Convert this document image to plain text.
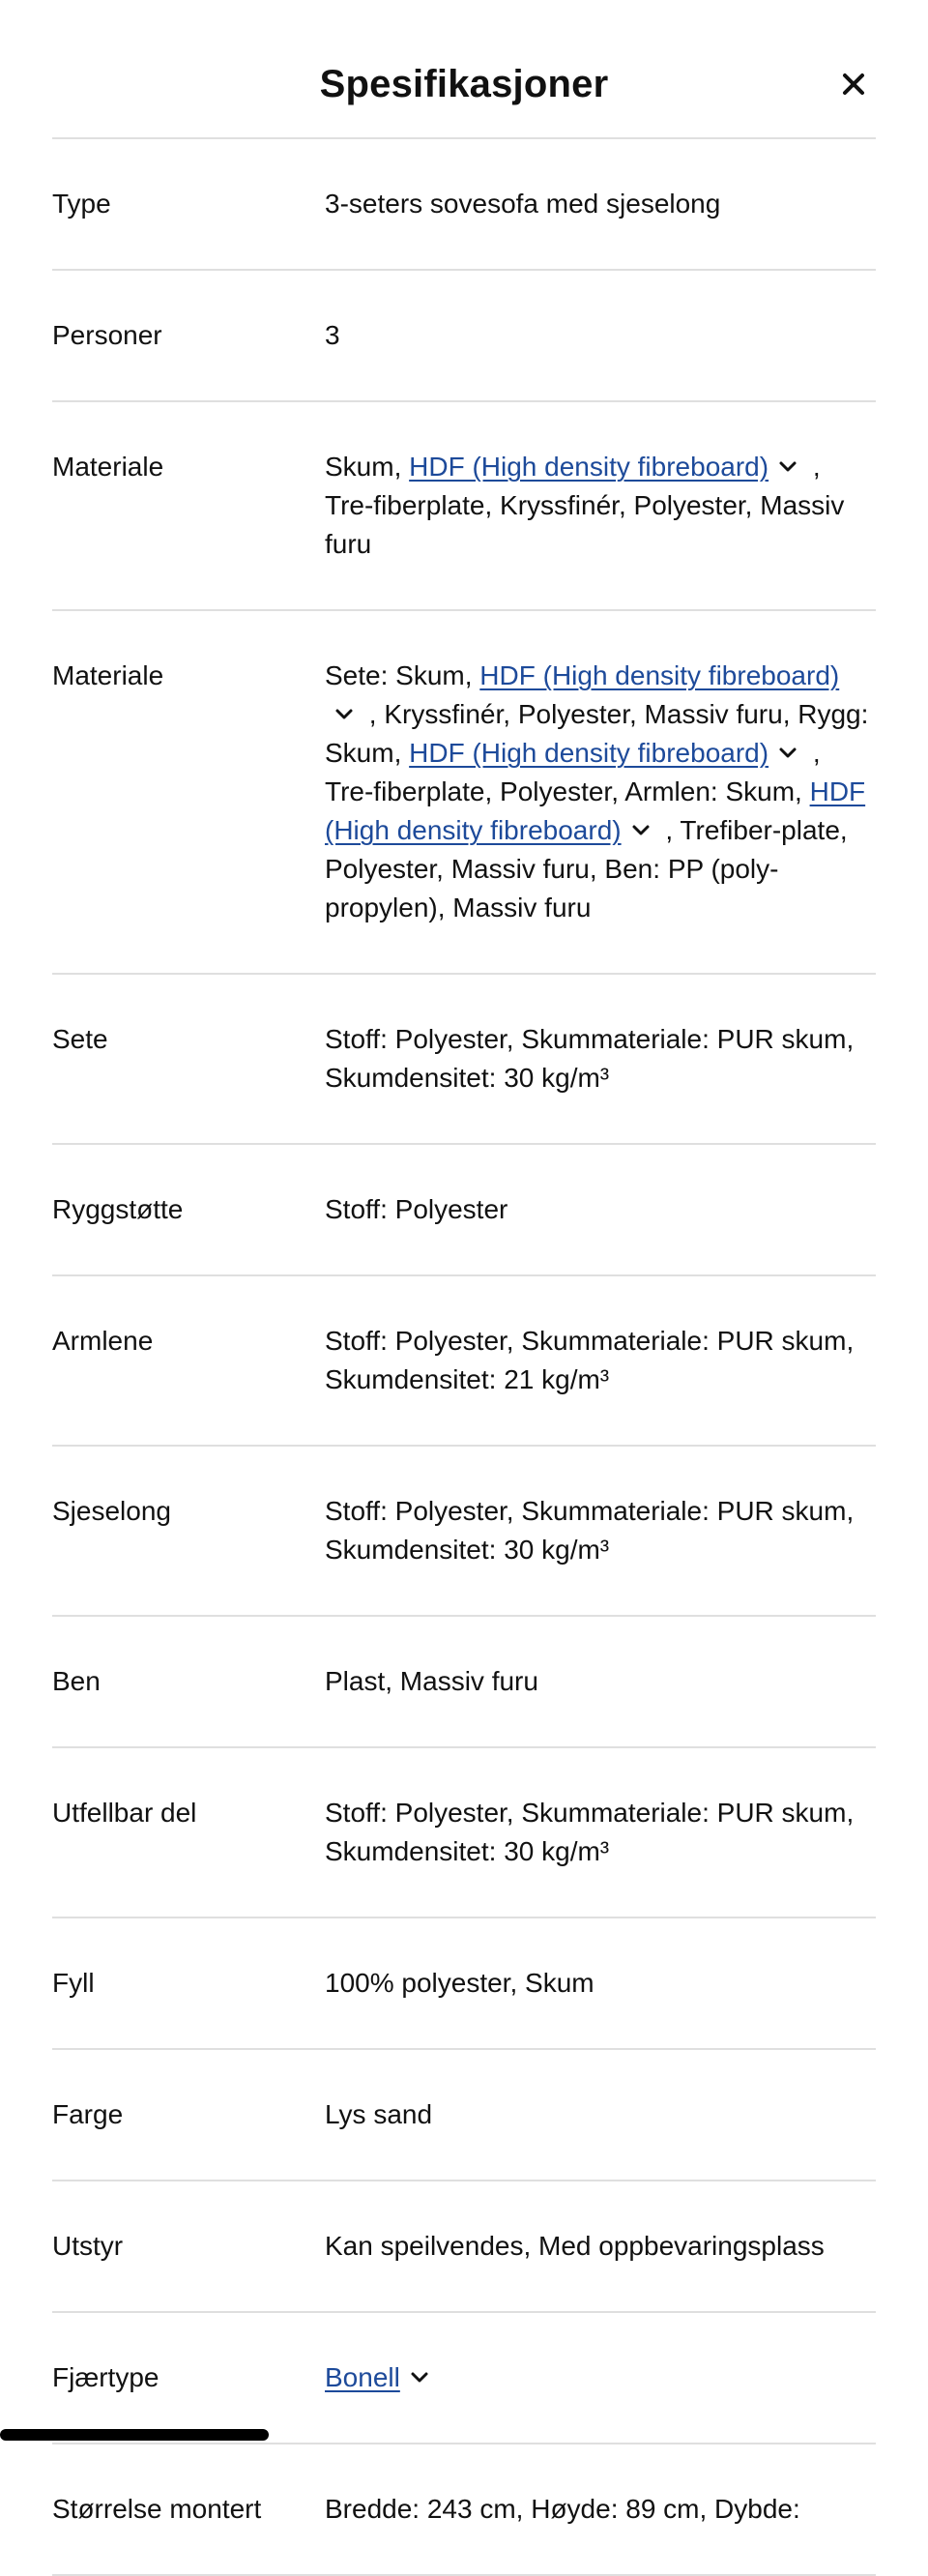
Spesifikasjoner
Type	3-seters sovesofa med sjeselong
Personer	3
Materiale	Skum, HDF (High density fibreboard)
, Tre-fiberplate, Kryssfinér, Polyester, Massiv furu
Materiale	Sete: Skum, HDF (High density fibreboard)
, Kryssfinér, Polyester, Massiv furu, Rygg: Skum, HDF (High density fibreboard)
, Tre-fiberplate, Polyester, Armlen: Skum, HDF (High density fibreboard)
, Trefiber-plate, Polyester, Massiv furu, Ben: PP (poly-propylen), Massiv furu
Sete	Stoff: Polyester, Skummateriale: PUR skum, Skumdensitet: 30 kg/m³
Ryggstøtte	Stoff: Polyester
Armlene	Stoff: Polyester, Skummateriale: PUR skum, Skumdensitet: 21 kg/m³
Sjeselong	Stoff: Polyester, Skummateriale: PUR skum, Skumdensitet: 30 kg/m³
Ben	Plast, Massiv furu
Utfellbar del	Stoff: Polyester, Skummateriale: PUR skum, Skumdensitet: 30 kg/m³
Fyll	100% polyester, Skum
Farge	Lys sand
Utstyr	Kan speilvendes, Med oppbevaringsplass
Fjærtype	Bonell
Størrelse montert	Bredde: 243 cm, Høyde: 89 cm, Dybde:
